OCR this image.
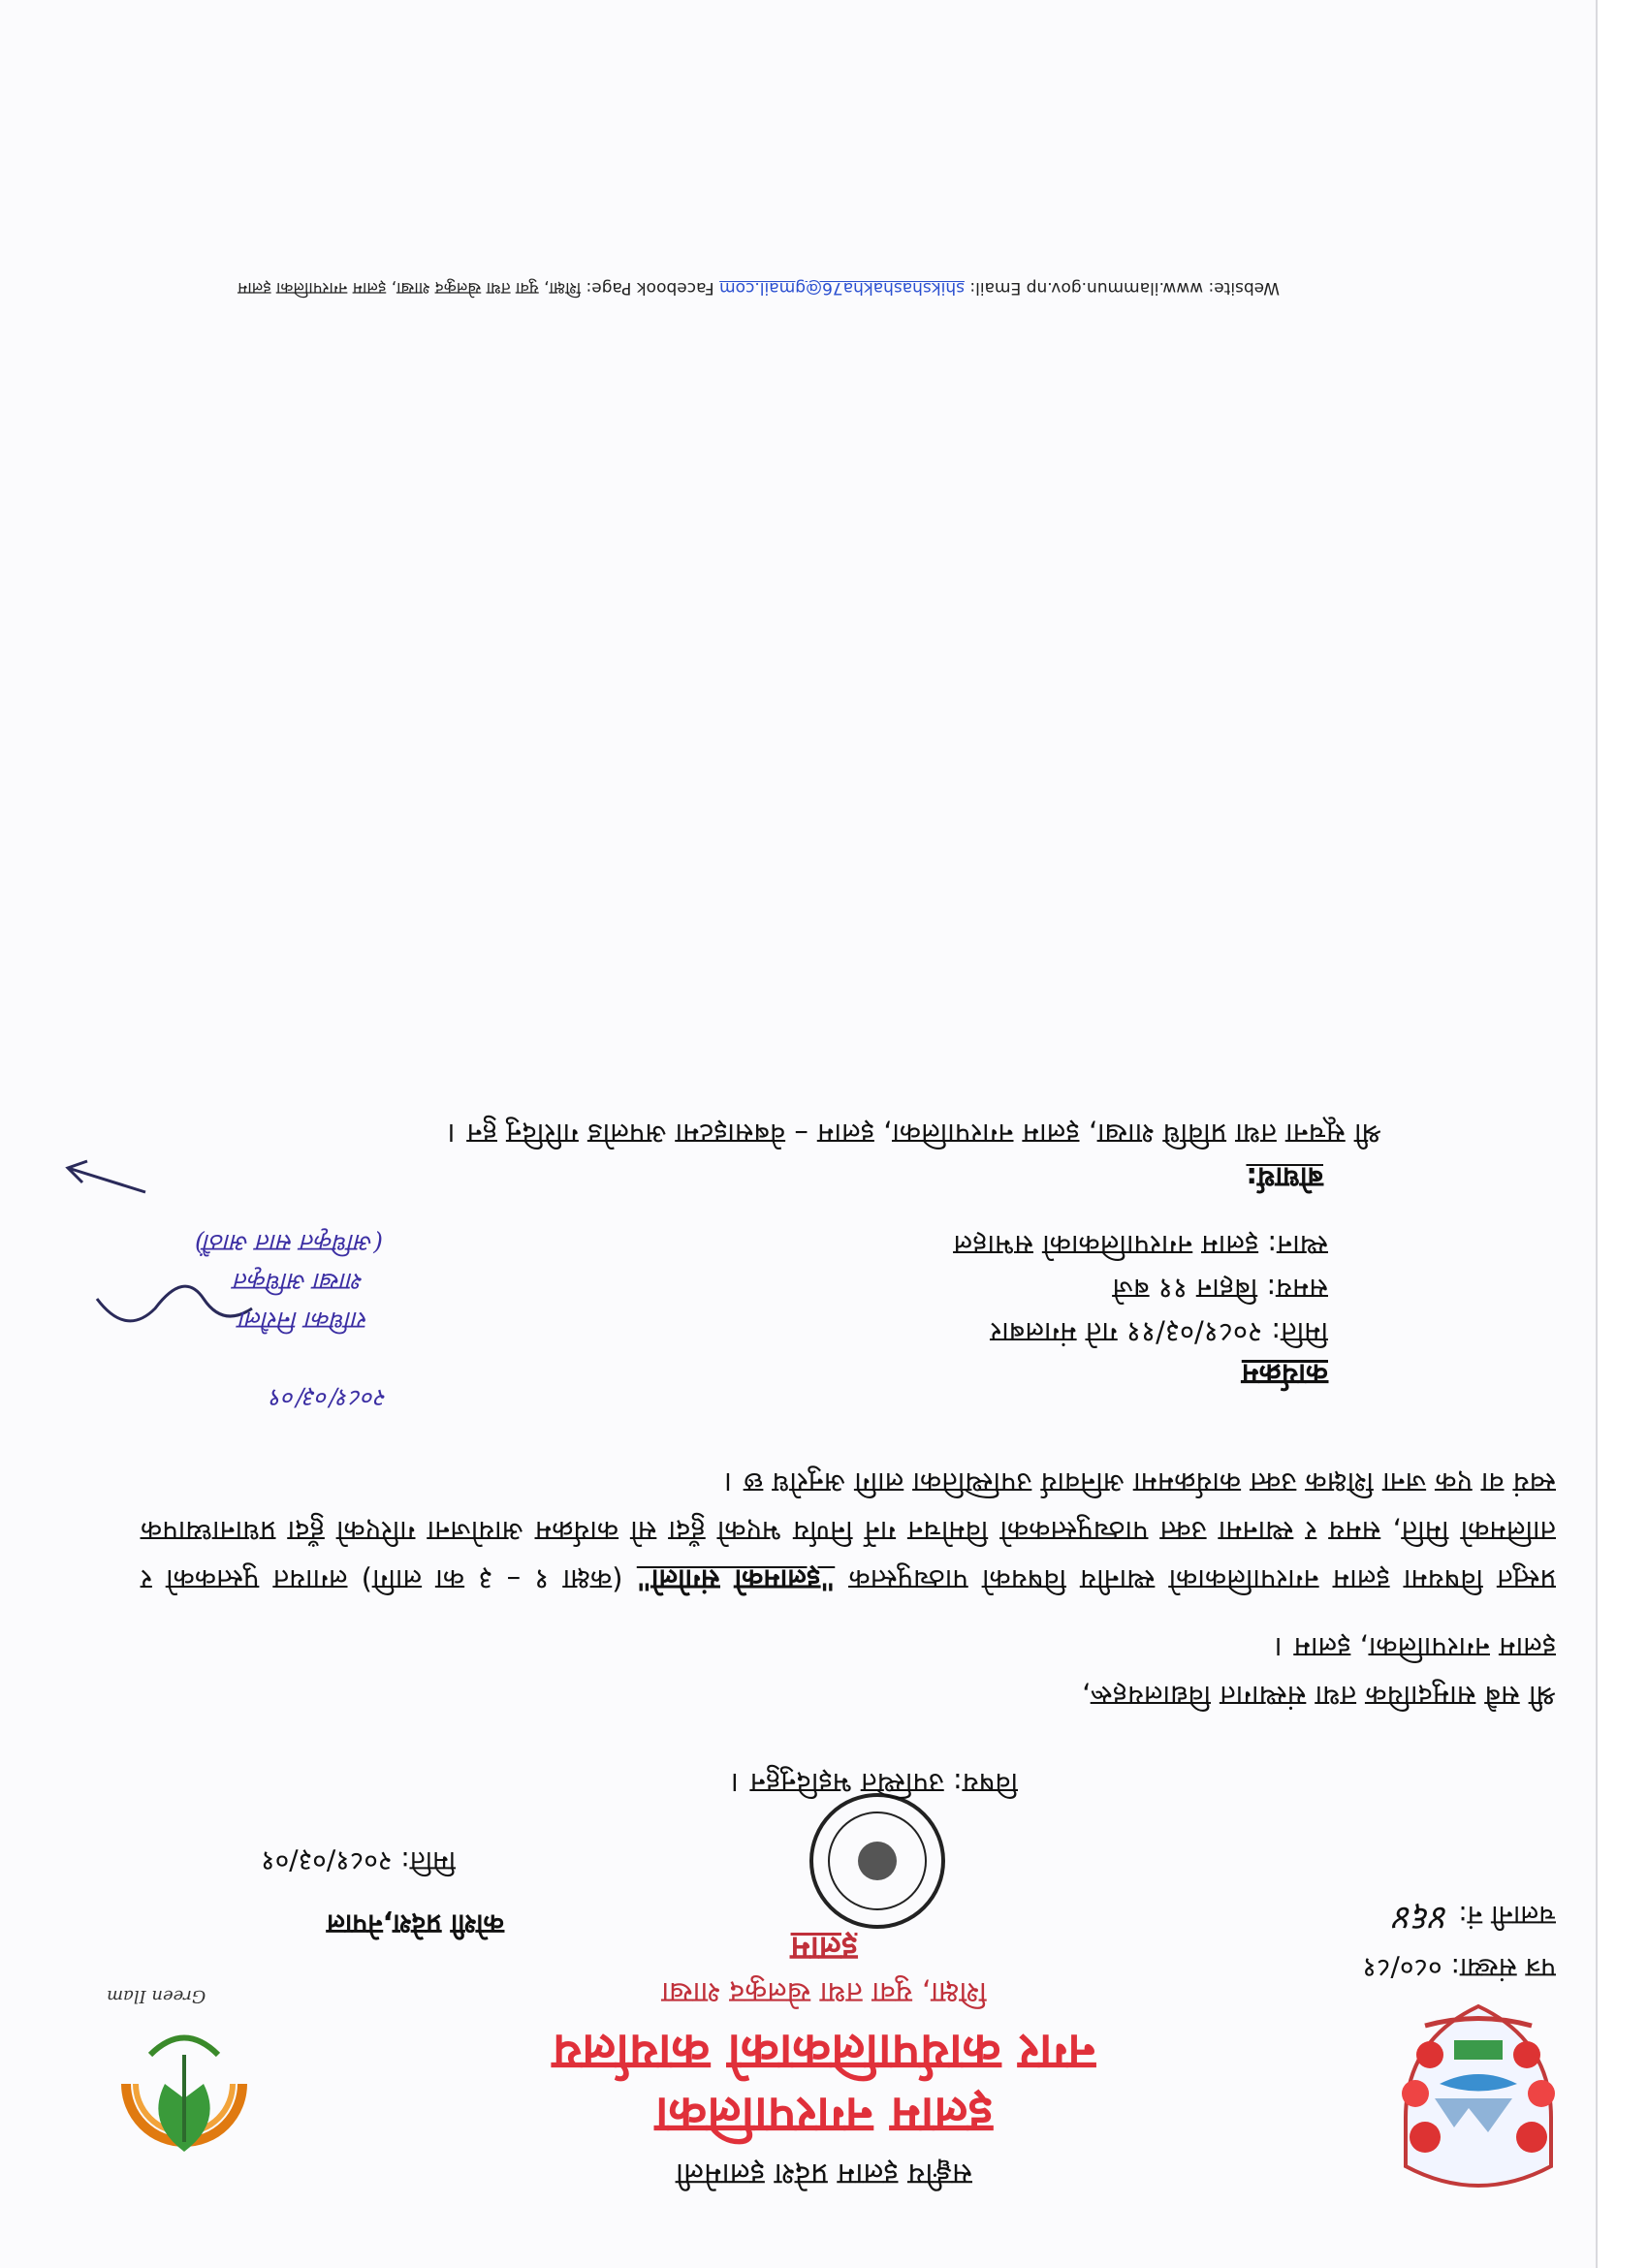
Green Ilam
सङ्घीय इलाम प्रदेश इलामेली
इलाम नगरपालिका
नगर कार्यपालिकाको कार्यालय
शिक्षा, युवा तथा खेलकुद शाखा
इलाम
कोशी प्रदेश,नेपाल
पत्र संख्या: ०८०/८१
चलानी नं: ४६४
मिति: २०८१/०३/०१
विषय: उपस्थित भइदिनुहुन ।
श्री सबै सामुदायिक तथा संस्थागत विद्यालयहरू,
इलाम नगरपालिका, इलाम ।
प्रस्तुत विषयमा इलाम नगरपालिकाको स्थानीय विषयको पाठ्यपुस्तक "इलामको संगोलो" (कक्षा १ – ३ का लागि) लगायत पुस्तकको र तालिमको मिति, समय र स्थानमा उक्त पाठ्यपुस्तकको विमोचन गर्ने निर्णय भएको हुँदा सो कार्यक्रम आयोजना गरिएको हुँदा प्रधानाध्यापक स्वयं वा एक जना शिक्षक उक्त कार्यक्रममा अनिवार्य उपस्थितिका लागि अनुरोध छ ।
कार्यक्रम
मिति: २०८१/०३/११ गते मंगलबार
समय: बिहान ११ बजे
स्थान: इलाम नगरपालिकाको सभाहल
बोधार्थ:
श्री सूचना तथा प्रविधि शाखा, इलाम नगरपालिका, इलाम – वेबसाइटमा अपलोड गरिदिनु हुन ।
२०८१/०३/०९
राधिका निरौला
शाखा अधिकृत
(अधिकृत सात आठौं)
Website: www.ilammun.gov.np Email: shikshashakha76@gmail.com Facebook Page: शिक्षा, युवा तथा खेलकुद शाखा, इलाम नगरपालिका इलाम
